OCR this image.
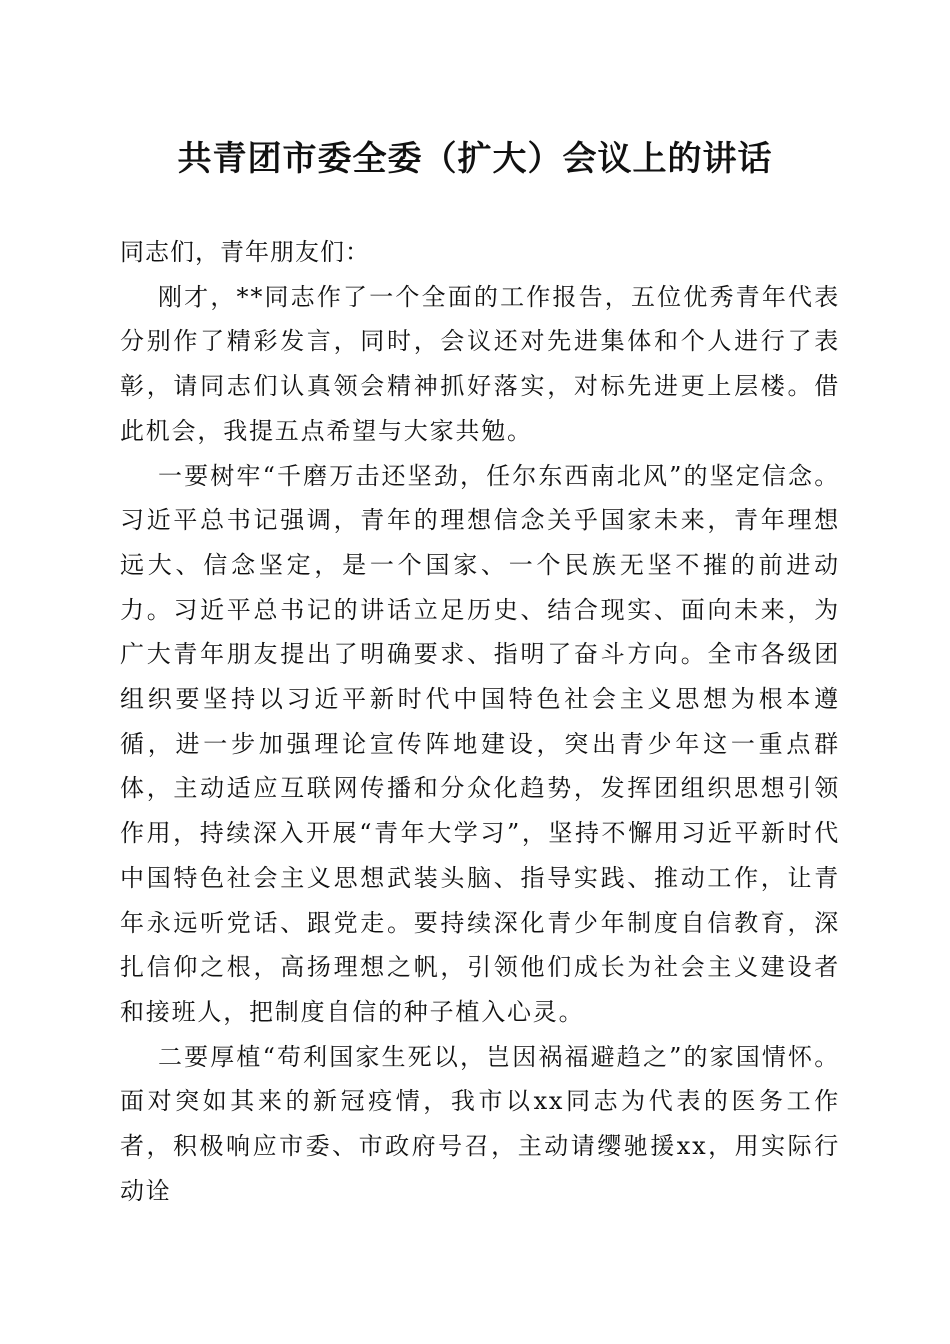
共青团市委全委（扩大）会议上的讲话

同志们，青年朋友们：

刚才，**同志作了一个全面的工作报告，五位优秀青年代表分别作了精彩发言，同时，会议还对先进集体和个人进行了表彰，请同志们认真领会精神抓好落实，对标先进更上层楼。借此机会，我提五点希望与大家共勉。

一要树牢“千磨万击还坚劲，任尔东西南北风”的坚定信念。习近平总书记强调，青年的理想信念关乎国家未来，青年理想远大、信念坚定，是一个国家、一个民族无坚不摧的前进动力。习近平总书记的讲话立足历史、结合现实、面向未来，为广大青年朋友提出了明确要求、指明了奋斗方向。全市各级团组织要坚持以习近平新时代中国特色社会主义思想为根本遵循，进一步加强理论宣传阵地建设，突出青少年这一重点群体，主动适应互联网传播和分众化趋势，发挥团组织思想引领作用，持续深入开展“青年大学习”，坚持不懈用习近平新时代中国特色社会主义思想武装头脑、指导实践、推动工作，让青年永远听党话、跟党走。要持续深化青少年制度自信教育，深扎信仰之根，高扬理想之帆，引领他们成长为社会主义建设者和接班人，把制度自信的种子植入心灵。

二要厚植“苟利国家生死以，岂因祸福避趋之”的家国情怀。面对突如其来的新冠疫情，我市以xx同志为代表的医务工作者，积极响应市委、市政府号召，主动请缨驰援xx，用实际行动诠
